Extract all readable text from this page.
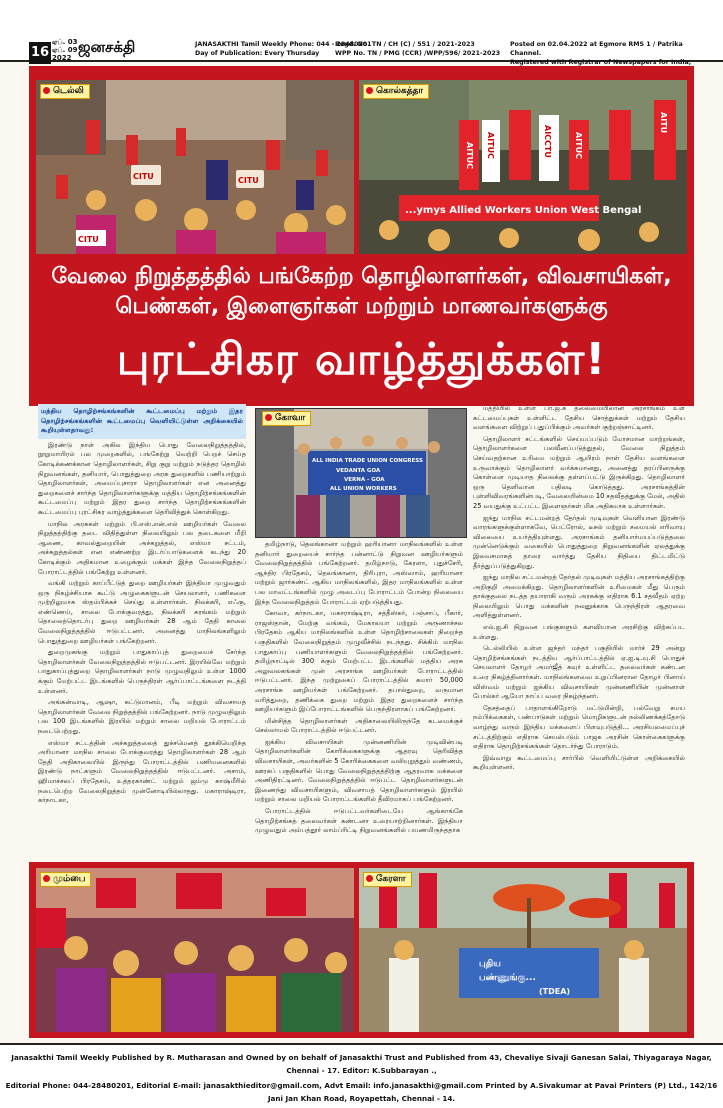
16
ஏப். 03
ஏப். 09
2022
ஜனசக்தி	JANASAKTHI Tamil Weekly Phone: 044 - 28480201
Day of Publication: Every Thursday
Regd. No. TN / CH (C) / 551 / 2021-2023
WPP No. TN / PMG (CCR) /WPP/596/ 2021-2023
Posted on 02.04.2022 at Egmore RMS 1 / Patrika Channel.
Registered with Registrar of Newspapers for India,
CITU	CITU
CITU
டெல்லி
AITUC AITUC	AICCTU	AITUC
AITU
...ymys Allied Workers Union West Bengal
கொல்கத்தா
வேலை நிறுத்தத்தில் பங்கேற்ற தொழிலாளர்கள், விவசாயிகள்,
பெண்கள், இளைஞர்கள் மற்றும் மாணவர்களுக்கு
புரட்சிகர வாழ்த்துக்கள்!

மத்திய தொழிற்சங்கங்களின் கூட்டமைப்பு மற்றும் இதர தொழிற்சங்கங்களின் கூட்டமைப்பு வெளியிட்டுள்ள அறிக்கையில் கூறியுள்ளதாவது:

இரண்டு நாள் அகில இந்திய பொது வேலைநிறுத்தத்தில், நூறுமாயிரம் பல முறைகளில், பங்கேற்று வெற்றி பெறச் செய்த கோடிக்கணக்கான தொழிலாளர்கள், சிறு குறு மற்றும் நடுத்தர தொழில் நிறுவனங்கள், தனியார், பொதுத்துறை அரசு துறைகளில் பணியாற்றும் தொழிலாளர்கள், அமைப்புசாரா தொழிலாளர்கள் என அனைத்து துறைகளைச் சார்ந்த தொழிலாளர்களுக்கு மத்திய தொழிற்சங்கங்களின் கூட்டமைப்பு மற்றும் இதர துறை சார்ந்த தொழிற்சங்கங்களின் கூட்டமைப்பு புரட்சிகர வாழ்த்துக்களை தெரிவித்துக் கொள்கிறது.

மாநில அரசுகள் மற்றும் பி.எஸ்.என்.எல் ஊழியர்கள் வேலை நிறுத்தத்திற்கு தடை விதித்துள்ள நிலையிலும் பல தடைகளை மீறி ஆணை, காவல்துறையின் அச்சுறுத்தல், எஸ்மா சட்டம், அச்சுறுத்தல்கள் என எண்ணற்ற இடர்ப்பாடுகளைக் கடந்து 20 கோடிக்கும் அதிகமான உழைக்கும் மக்கள் இந்த வேலைநிறுத்தப் போராட்டத்தில் பங்கேற்று உள்ளனர்.

வங்கி மற்றும் காப்பீட்டுத் துறை ஊழியர்கள் இந்தியா முழுவதும் ஒரு நிகழ்ச்சியாக கூட்டு அழுகைகளுடன் செயலாளர், பணிகளை முற்றிலுமாக ஸ்தம்பிக்கச் செய்து உள்ளார்கள். நிலக்கரி, எஃகு, எண்ணெய், சாலை போக்குவரத்து, நிலக்கரி சுரங்கம் மற்றும் தொலைத்தொடர்பு துறை ஊழியர்கள் 28 ஆம் தேதி காலை வேலைநிறுத்தத்தில் ஈடுபட்டனர். அனைத்து மாநிலங்களிலும் பொதுத்துறை ஊழியர்கள் பங்கேற்றனர்.

துறைமுகங்கு மற்றும் பாதுகாப்புத் துறையைச் சேர்ந்த தொழிலாளர்கள் வேலைநிறுத்தத்தில் ஈடுபட்டனர். இரயில்வே மற்றும் பாதுகாப்புத்துறை தொழிலாளர்கள் நாடு முழுவதிலும் உள்ள 1000 க்கும் மேற்பட்ட இடங்களில் பெருந்திரள் ஆர்ப்பாட்டங்களை நடத்தி உள்ளனர்.

அங்கன்வாடி, ஆஷா, கட்டுமானம், பீடி மற்றும் விவசாயத் தொழிலாளர்கள் வேலை நிறுத்தத்தில் பங்கேற்றனர். நாடு முழுவதிலும் பல 100 இடங்களில் இரயில் மற்றும் சாலை மறியல் போராட்டம் நடைபெற்றது.

எஸ்மா சட்டத்தின் அச்சுறுத்தலைத் துச்சமெனத் தூக்கியெறிந்த அரியானா மாநில சாலை போக்குவரத்து தொழிலாளர்கள் 28 ஆம் தேதி அதிகாலையில் இருந்து போராட்டத்தில் பணிமனைகளில் இரண்டு நாட்களும் வேலைநிறுத்தத்தில் ஈடுபட்டனர். அசாம், ஹிமாச்சலப் பிரதேசம், உத்தரகாண்ட் மற்றும் ஜம்மு காஷ்மீரில் நடைபெற்ற வேலைநிறுத்தம் முன்னோடியில்லாதது. மகாராஷ்டிரா, கர்நாடகா,

ALL INDIA TRADE UNION CONGRESS
VEDANTA GOA
VERNA - GOA
ALL UNION WORKERS
கோவா

தமிழ்நாடு, தெலங்கானா மற்றும் ஹரியானா மாநிலங்களில் உள்ள தனியார் துறையைச் சார்ந்த பன்னாட்டு நிறுவன ஊழியர்களும் வேலைநிறுத்தத்தில் பங்கேற்றனர். தமிழ்நாடு, கேரளா, புதுச்சேரி, ஆந்திர பிரதேசம், தெலங்கானா, திரிபுரா, அஸ்ஸாம், ஹரியானா மற்றும் ஜார்கண்ட் ஆகிய மாநிலங்களில், இதர மாநிலங்களில் உள்ள பல மாவட்டங்களில் முழு அடைப்பு போராட்டம் போன்ற நிலையை இந்த வேலைநிறுத்தம் போராட்டம் ஏற்படுத்தியது.

கோவா, கர்நாடகா, மகாராஷ்டிரா, சத்தீஸ்கர், பஞ்சாப், பீகார், ராஜஸ்தான், மேற்கு வங்கம், மேகாலயா மற்றும் அருணாச்சல பிரதேசம் ஆகிய மாநிலங்களில் உள்ள தொழிற்சாலைகள் நிறைந்த பகுதிகளில் வேலைநிறுத்தம் முழுவீச்சில் நடந்தது. சிக்கிம் மாநில பாதுகாப்பு பணியாளர்களும் வேலைநிறுத்தத்தில் பங்கேற்றனர். தமிழ்நாட்டில் 300 க்கும் மேற்பட்ட இடங்களில் மத்திய அரசு அலுவலகங்கள் முன் அரசாங்க ஊழியர்கள் போராட்டத்தில் ஈடுபட்டனர். இந்த முற்றுகைப் போராட்டத்தில் சுமார் 50,000 அரசாங்க ஊழியர்கள் பங்கேற்றனர். தபால்துறை, வருமான வரித்துறை, தணிக்கை துறை மற்றும் இதர துறைகளைச் சார்ந்த ஊழியர்களும் இப்போராட்டங்களில் பெருந்திரளாகப் பங்கேற்றனர்.

மின்சித்த தொழிலாளர்கள் அதிகாலையிலிருந்தே கடமைக்குச் செல்லாமல் போராட்டத்தில் ஈடுபட்டனர்.

ஐக்கிய விவசாயிகள் முன்னணியின் முடிவின்படி தொழிலாளர்களின் கோரிக்கைகளுக்கு ஆதரவு தெரிவித்த விவசாயிகள், அவர்களின் 5 கோரிக்கைகளை வலியுறுத்தும் வண்ணம், ஊரகப் பகுதிகளில் பொது வேலைநிறுத்தத்திற்கு ஆதரவாக மக்களை அணிதிரட்டினர். வேலைநிறுத்தத்தில் ஈடுபட்ட தொழிலாளர்களுடன் இணைந்து விவசாயிகளும், விவசாயத் தொழிலாளர்களும் இரயில் மற்றும் சாலை மறியல் போராட்டங்களில் தீவிரமாகப் பங்கேற்றனர்.

போராட்டத்தில் ஈடுபட்டவர்களிடையே ஆங்காங்கே தொழிற்சங்கத் தலைவர்கள் கண்டனா உரையாற்றினார்கள். இந்தியா முழுவதும் அம்பத்தூர் லாம்ப்ரிட்டி நிறுவனங்களில் பயணமிருந்ததாக

மத்தியில் உள்ள பா.ஜ.க தலைமையிலான அரசாங்கம் உள் கட்டமைப்புகள் உள்ளிட்ட தேசிய சொத்துக்கள் மற்றும் தேசிய வளங்களை விற்றுப் புதுப்பிக்கும் அவர்கள் குற்றஞ்சாட்டினர்.

தொழிலாளர் சட்டங்களில் செய்யப்படும் மோசமான மாற்றங்கள், தொழிலாளர்களை பலவீனப்படுத்துதல், வேலை நிறுத்தம் செய்வதற்கான உரிமை மற்றும் ஆயிரம் நாள் தேசிய வளங்களை உருவாக்கும் தொழிலாளர் வர்க்கமானது, அனைத்து தரப்பினருக்கு கொள்ளை முடியாத நிலைக்கு தள்ளப்பட்டு இருக்கிறது. தொழிலாளர் ஒரு தெளிவான பதிலடி கொடுத்தது. அரசாங்கத்தின் புள்ளிவிவரங்களின்படி, வேலையின்மை 10 சதவீதத்துக்கு மேல், அதில் 25 வயதுக்கு உட்பட்ட இளைஞர்கள் மிக அதிகமாக உள்ளார்கள்.

ஐந்து மாநில சட்டமன்றத் தேர்தல் முடிவுகள் வெளியான இரண்டு வாரங்களுக்குள்ளாகவே, பெட்ரோல், டீசல் மற்றும் சமையல் எரிவாயு விலையை உயர்த்தியுள்ளது. அரசாங்கம் தனியார்மயப்படுத்தலை முன்னெடுக்கும் வகையில் பொதுத்துறை நிறுவனங்களின் ஏலத்துக்கு இலவசமாகத் தாரை வார்த்து தேசிய நிதியை திட்டமிட்டு தீர்த்துப்படுத்துகிறது.

ஐந்து மாநில சட்டமன்றத் தேர்தல் முடிவுகள் மத்திய அரசாங்கத்திற்கு அறிகுறி அமைக்கிறது. தொழிலாளர்களின் உரிமைகள் மீது பெரும் தாக்குதலை நடத்த தயாராகி வரும் அரசுக்கு எதிராக 6.1 சதவீதம் ஏற்ற நிலையிலும் பொது மக்களின் நலனுக்காக பெருந்திரள் ஆதரவை அளித்துள்ளனர்.

எல்.ஐ.சி நிறுவன பங்குகளும் களவியான அரசிற்கு விற்கப்பட உள்ளது.

டெல்லியில் உள்ள ஜந்தர் மந்தர் பகுதியில் மார்ச் 29 அன்று தொழிற்சங்கங்கள் நடத்திய ஆர்ப்பாட்டத்தில் ஏ.ஐ.டி.யு.சி பொதுச் செயலாளர் தோழர் அமர்ஜீத் கவுர் உள்ளிட்ட தலைவர்கள் கண்டன உரை நிகழ்த்தினார்கள். மாநிலங்களவை உறுப்பினரான தோழர் பினாய் விஸ்வம் மற்றும் ஐக்கிய விவசாயிகள் முன்னணியின் முன்னாள் போல்கர் ஆயோ நாப்ப வரை நிகழ்ந்தனர்.

தேசத்தைப் பாதாளங்கிறோடு மட்டுமின்றி, பல்வேறு சமய நம்பிக்கைகள், பண்பாடுகள் மற்றும் மொழிகளுடன் நல்லிணக்கத்தோடு வாழ்ந்து வரும் இந்திய மக்களைப் பிளவுபடுத்தி... அரசியலமைப்புச் சட்டத்திற்கும் எதிராக செயல்படும் பாஜக அரசின் கொள்கைகளுக்கு எதிராக தொழிற்சங்கங்கள் தொடர்ந்து போராடும்.

இவ்வாறு கூட்டமைப்பு சார்பில் வெளியிட்டுள்ள அறிக்கையில் கூறியுள்ளனர்.

மும்பை
புதிய
பண்ணுங்கு...
(TDEA)
கேரளா
Janasakthi Tamil Weekly Published by R. Mutharasan and Owned by on behalf of Janasakthi Trust and Published from 43, Chevaliye Sivaji Ganesan Salai, Thiyagaraya Nagar, Chennai - 17. Editor: K.Subbarayan .,
Editorial Phone: 044-28480201, Editorial E-mail: janasakthieditor@gmail.com, Advt Email: info.janasakthi@gmail.com Printed by A.Sivakumar at Pavai Printers (P) Ltd., 142/16 Jani Jan Khan Road, Royapettah, Chennai - 14.
